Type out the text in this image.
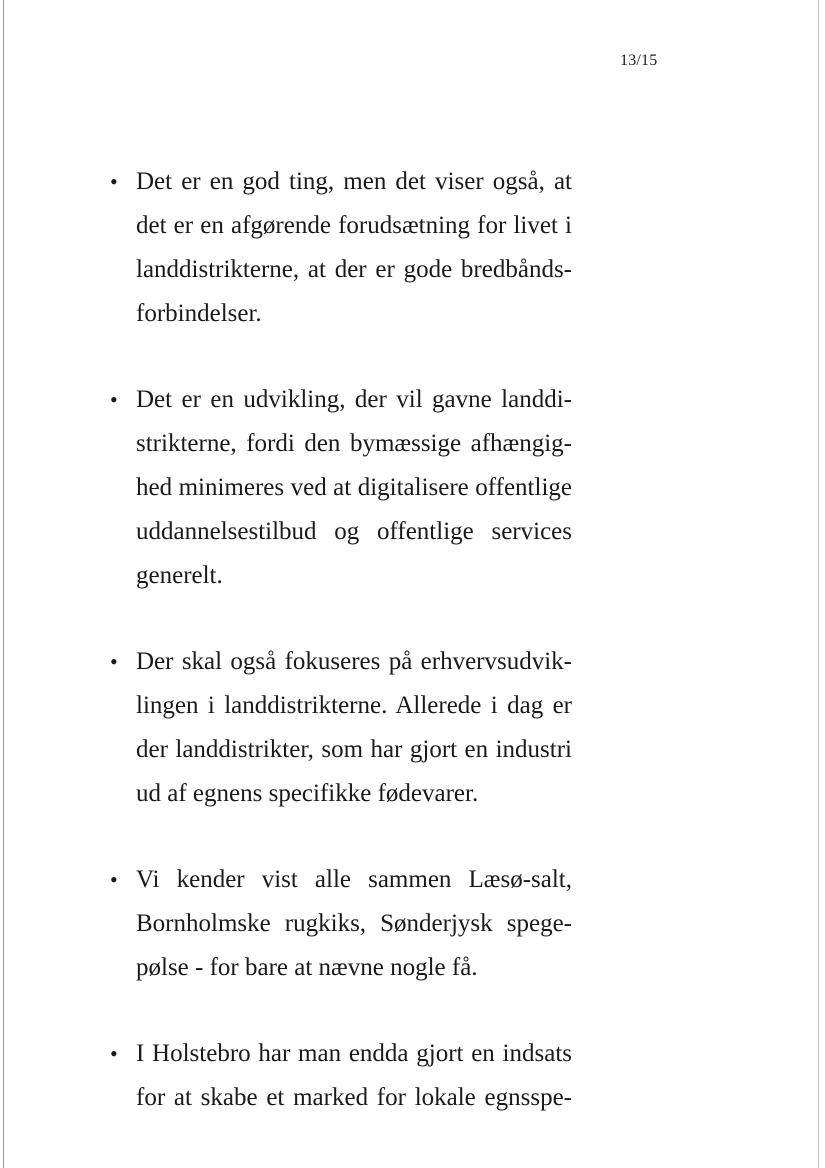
13/15
• Det er en god ting, men det viser også, at
det er en afgørende forudsætning for livet i
landdistrikterne, at der er gode bredbånds-
forbindelser.
• Det er en udvikling, der vil gavne landdi-
strikterne, fordi den bymæssige afhængig-
hed minimeres ved at digitalisere offentlige
uddannelsestilbud og offentlige services
generelt.
• Der skal også fokuseres på erhvervsudvik-
lingen i landdistrikterne. Allerede i dag er
der landdistrikter, som har gjort en industri
ud af egnens specifikke fødevarer.
• Vi kender vist alle sammen Læsø-salt,
Bornholmske rugkiks, Sønderjysk spege-
pølse - for bare at nævne nogle få.
• I Holstebro har man endda gjort en indsats
for at skabe et marked for lokale egnsspe-
